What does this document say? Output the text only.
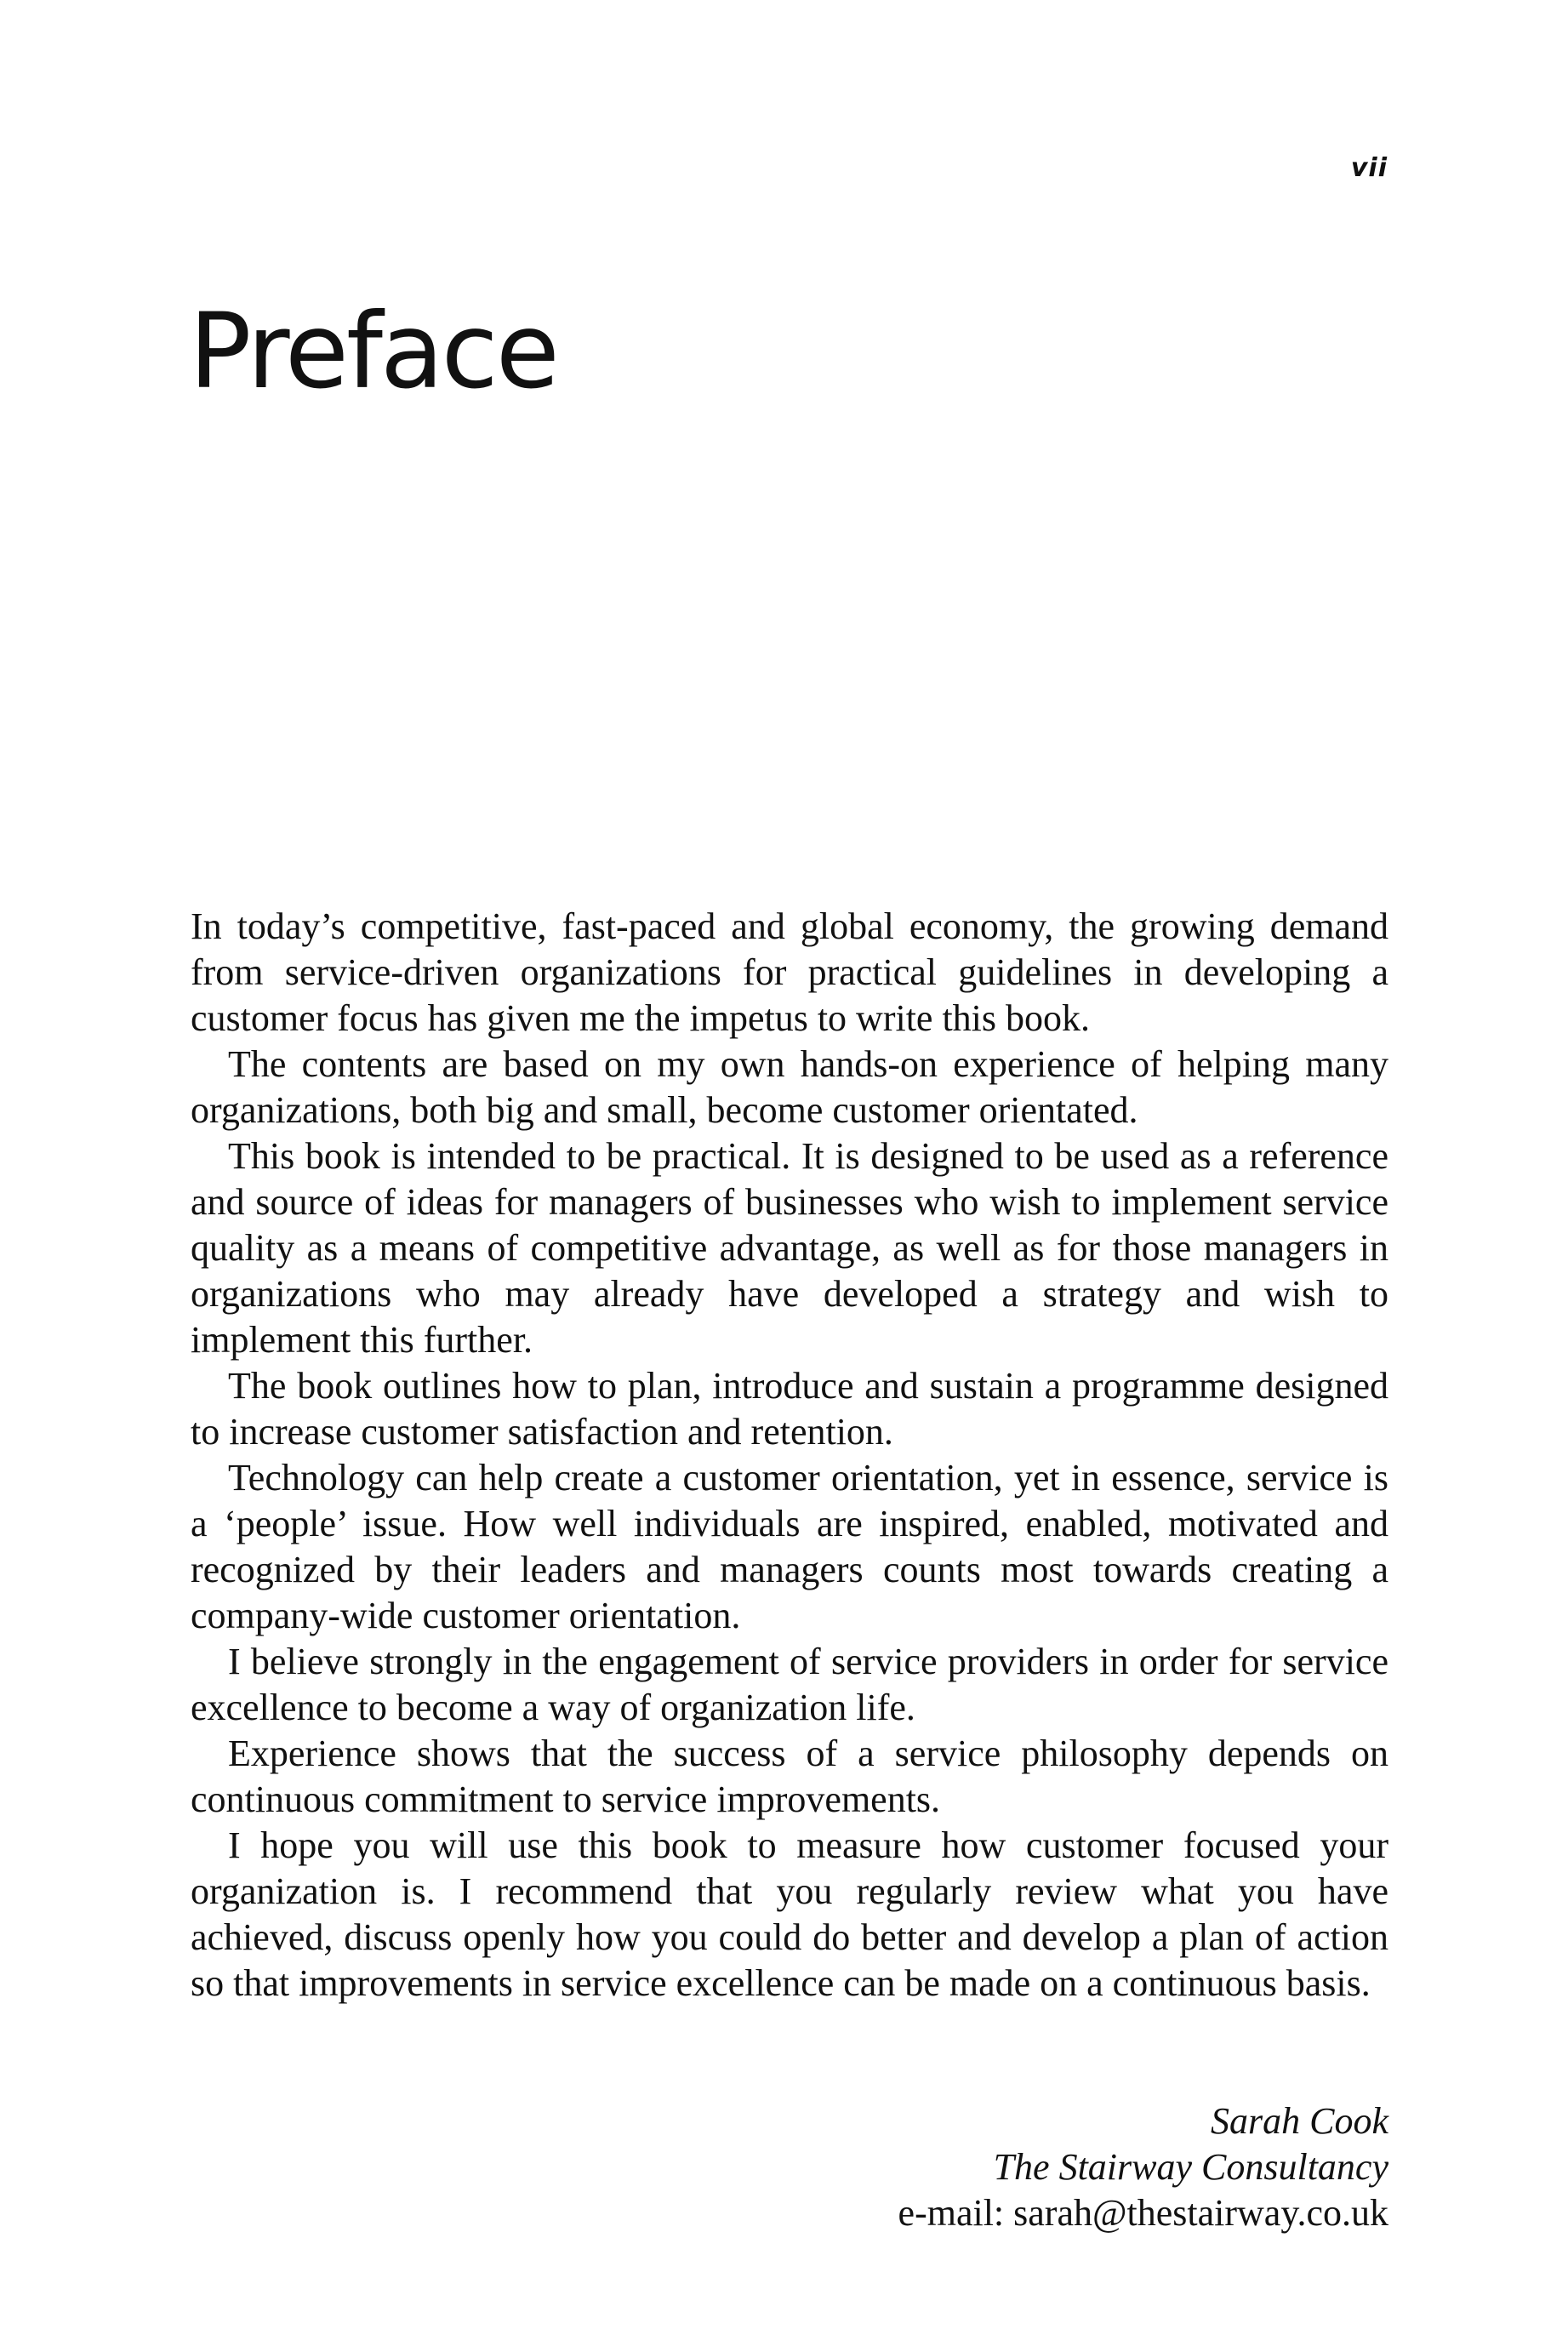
vii
Preface

In today’s competitive, fast-paced and global economy, the growing demand from service-driven organizations for practical guidelines in developing a customer focus has given me the impetus to write this book.

The contents are based on my own hands-on experience of helping many organizations, both big and small, become customer orientated.

This book is intended to be practical. It is designed to be used as a reference and source of ideas for managers of businesses who wish to implement service quality as a means of competitive advantage, as well as for those managers in organizations who may already have developed a strategy and wish to implement this further.

The book outlines how to plan, introduce and sustain a programme designed to increase customer satisfaction and retention.

Technology can help create a customer orientation, yet in essence, service is a ‘people’ issue. How well individuals are inspired, enabled, motivated and recognized by their leaders and managers counts most towards creating a company-wide customer orientation.

I believe strongly in the engagement of service providers in order for service excellence to become a way of organization life.

Experience shows that the success of a service philosophy depends on continuous commitment to service improvements.

I hope you will use this book to measure how customer focused your organization is. I recommend that you regularly review what you have achieved, discuss openly how you could do better and develop a plan of action so that improvements in service excellence can be made on a continuous basis.

Sarah Cook
The Stairway Consultancy
e-mail: sarah@thestairway.co.uk
